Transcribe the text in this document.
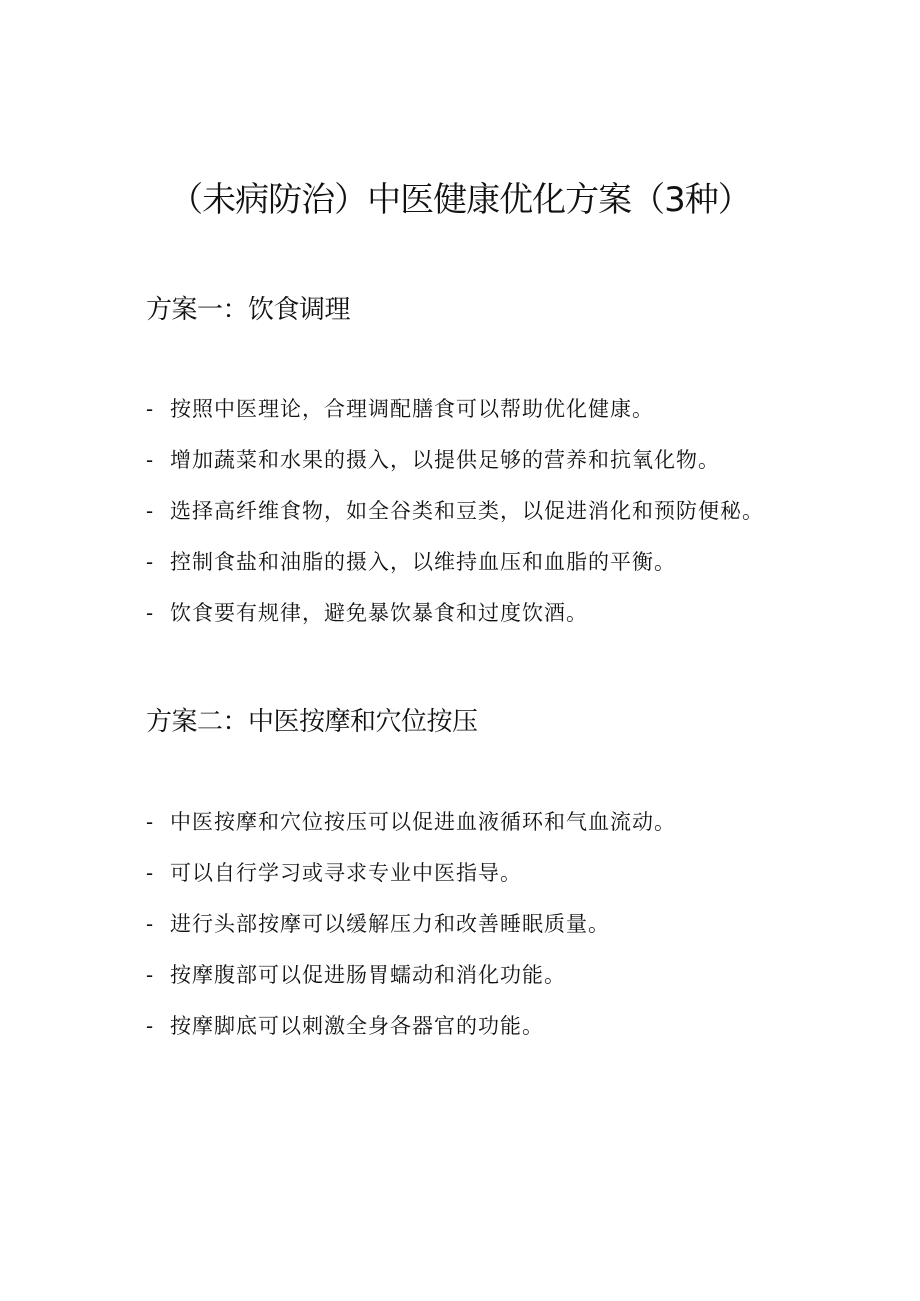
（未病防治）中医健康优化方案（3种）
方案一：饮食调理
- 按照中医理论，合理调配膳食可以帮助优化健康。
- 增加蔬菜和水果的摄入，以提供足够的营养和抗氧化物。
- 选择高纤维食物，如全谷类和豆类，以促进消化和预防便秘。
- 控制食盐和油脂的摄入，以维持血压和血脂的平衡。
- 饮食要有规律，避免暴饮暴食和过度饮酒。
方案二：中医按摩和穴位按压
- 中医按摩和穴位按压可以促进血液循环和气血流动。
- 可以自行学习或寻求专业中医指导。
- 进行头部按摩可以缓解压力和改善睡眠质量。
- 按摩腹部可以促进肠胃蠕动和消化功能。
- 按摩脚底可以刺激全身各器官的功能。
